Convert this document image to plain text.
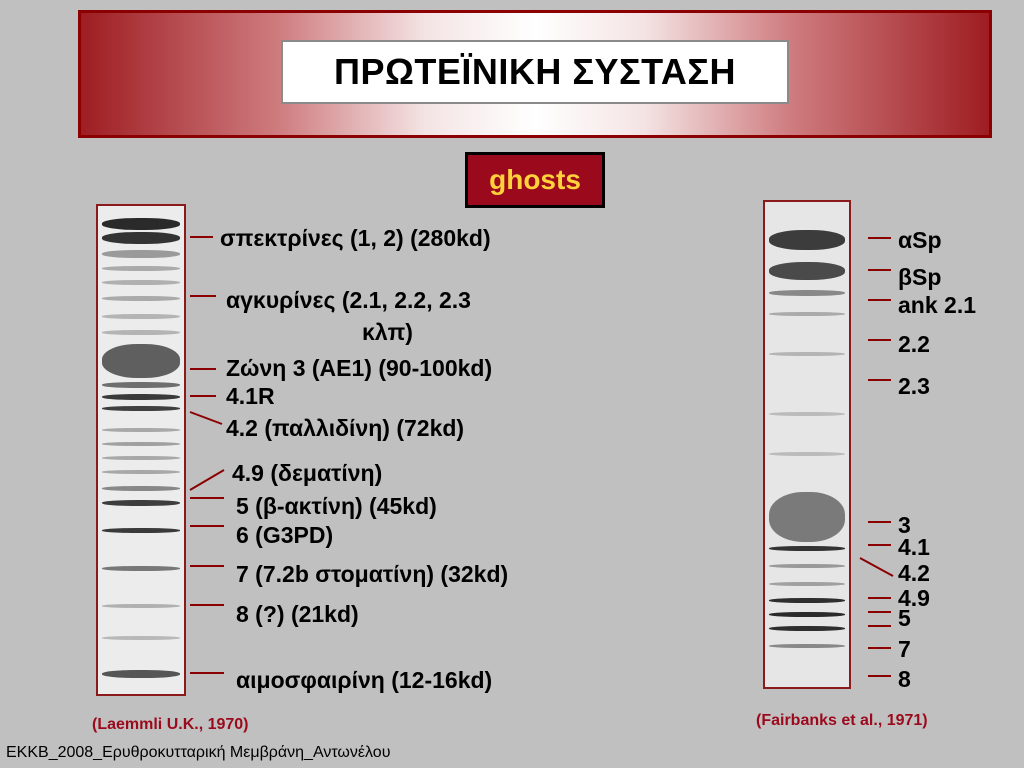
ΠΡΩΤΕΪΝΙΚΗ ΣΥΣΤΑΣΗ
ghosts
σπεκτρίνες (1, 2) (280kd)
αγκυρίνες (2.1, 2.2, 2.3
κλπ)
Ζώνη 3 (ΑΕ1) (90-100kd)
4.1R
4.2 (παλλιδίνη) (72kd)
4.9 (δεματίνη)
5 (β-ακτίνη) (45kd)
6 (G3PD)
7 (7.2b στοματίνη) (32kd)
8 (?) (21kd)
αιμοσφαιρίνη (12-16kd)
αSp
βSp
ank 2.1
2.2
2.3
3
4.1
4.2
4.9
5
7
8
(Laemmli U.K., 1970)	(Fairbanks et al., 1971)
ΕΚΚΒ_2008_Ερυθροκυτταρική Μεμβράνη_Αντωνέλου
